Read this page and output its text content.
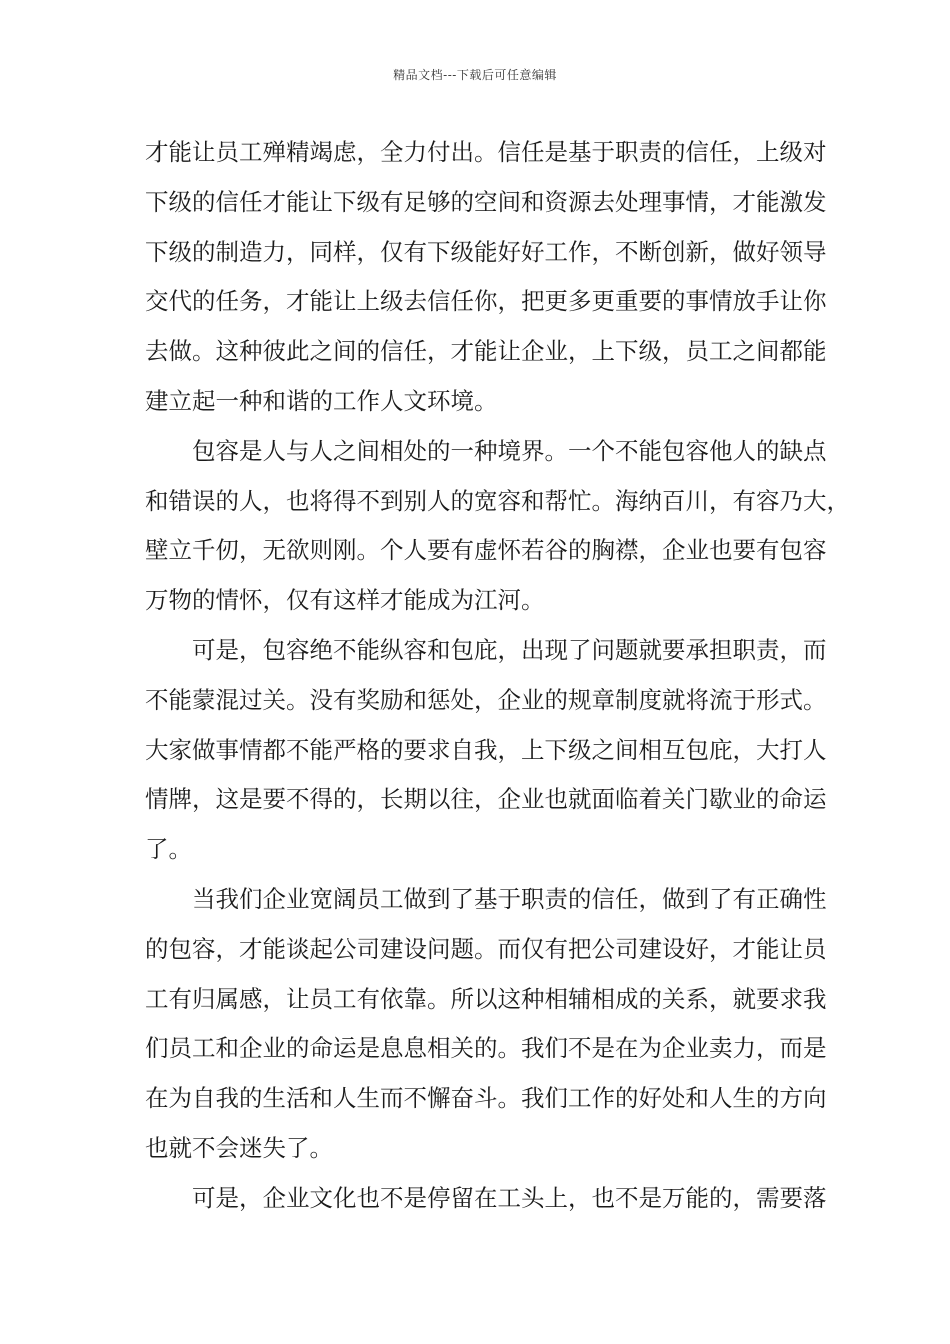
精品文档---下载后可任意编辑
才能让员工殚精竭虑，全力付出。信任是基于职责的信任，上级对
下级的信任才能让下级有足够的空间和资源去处理事情，才能激发
下级的制造力，同样，仅有下级能好好工作，不断创新，做好领导
交代的任务，才能让上级去信任你，把更多更重要的事情放手让你
去做。这种彼此之间的信任，才能让企业，上下级，员工之间都能
建立起一种和谐的工作人文环境。
包容是人与人之间相处的一种境界。一个不能包容他人的缺点
和错误的人，也将得不到别人的宽容和帮忙。海纳百川，有容乃大，
壁立千仞，无欲则刚。个人要有虚怀若谷的胸襟，企业也要有包容
万物的情怀，仅有这样才能成为江河。
可是，包容绝不能纵容和包庇，出现了问题就要承担职责，而
不能蒙混过关。没有奖励和惩处，企业的规章制度就将流于形式。
大家做事情都不能严格的要求自我，上下级之间相互包庇，大打人
情牌，这是要不得的，长期以往，企业也就面临着关门歇业的命运
了。
当我们企业宽阔员工做到了基于职责的信任，做到了有正确性
的包容，才能谈起公司建设问题。而仅有把公司建设好，才能让员
工有归属感，让员工有依靠。所以这种相辅相成的关系，就要求我
们员工和企业的命运是息息相关的。我们不是在为企业卖力，而是
在为自我的生活和人生而不懈奋斗。我们工作的好处和人生的方向
也就不会迷失了。
可是，企业文化也不是停留在工头上，也不是万能的，需要落
